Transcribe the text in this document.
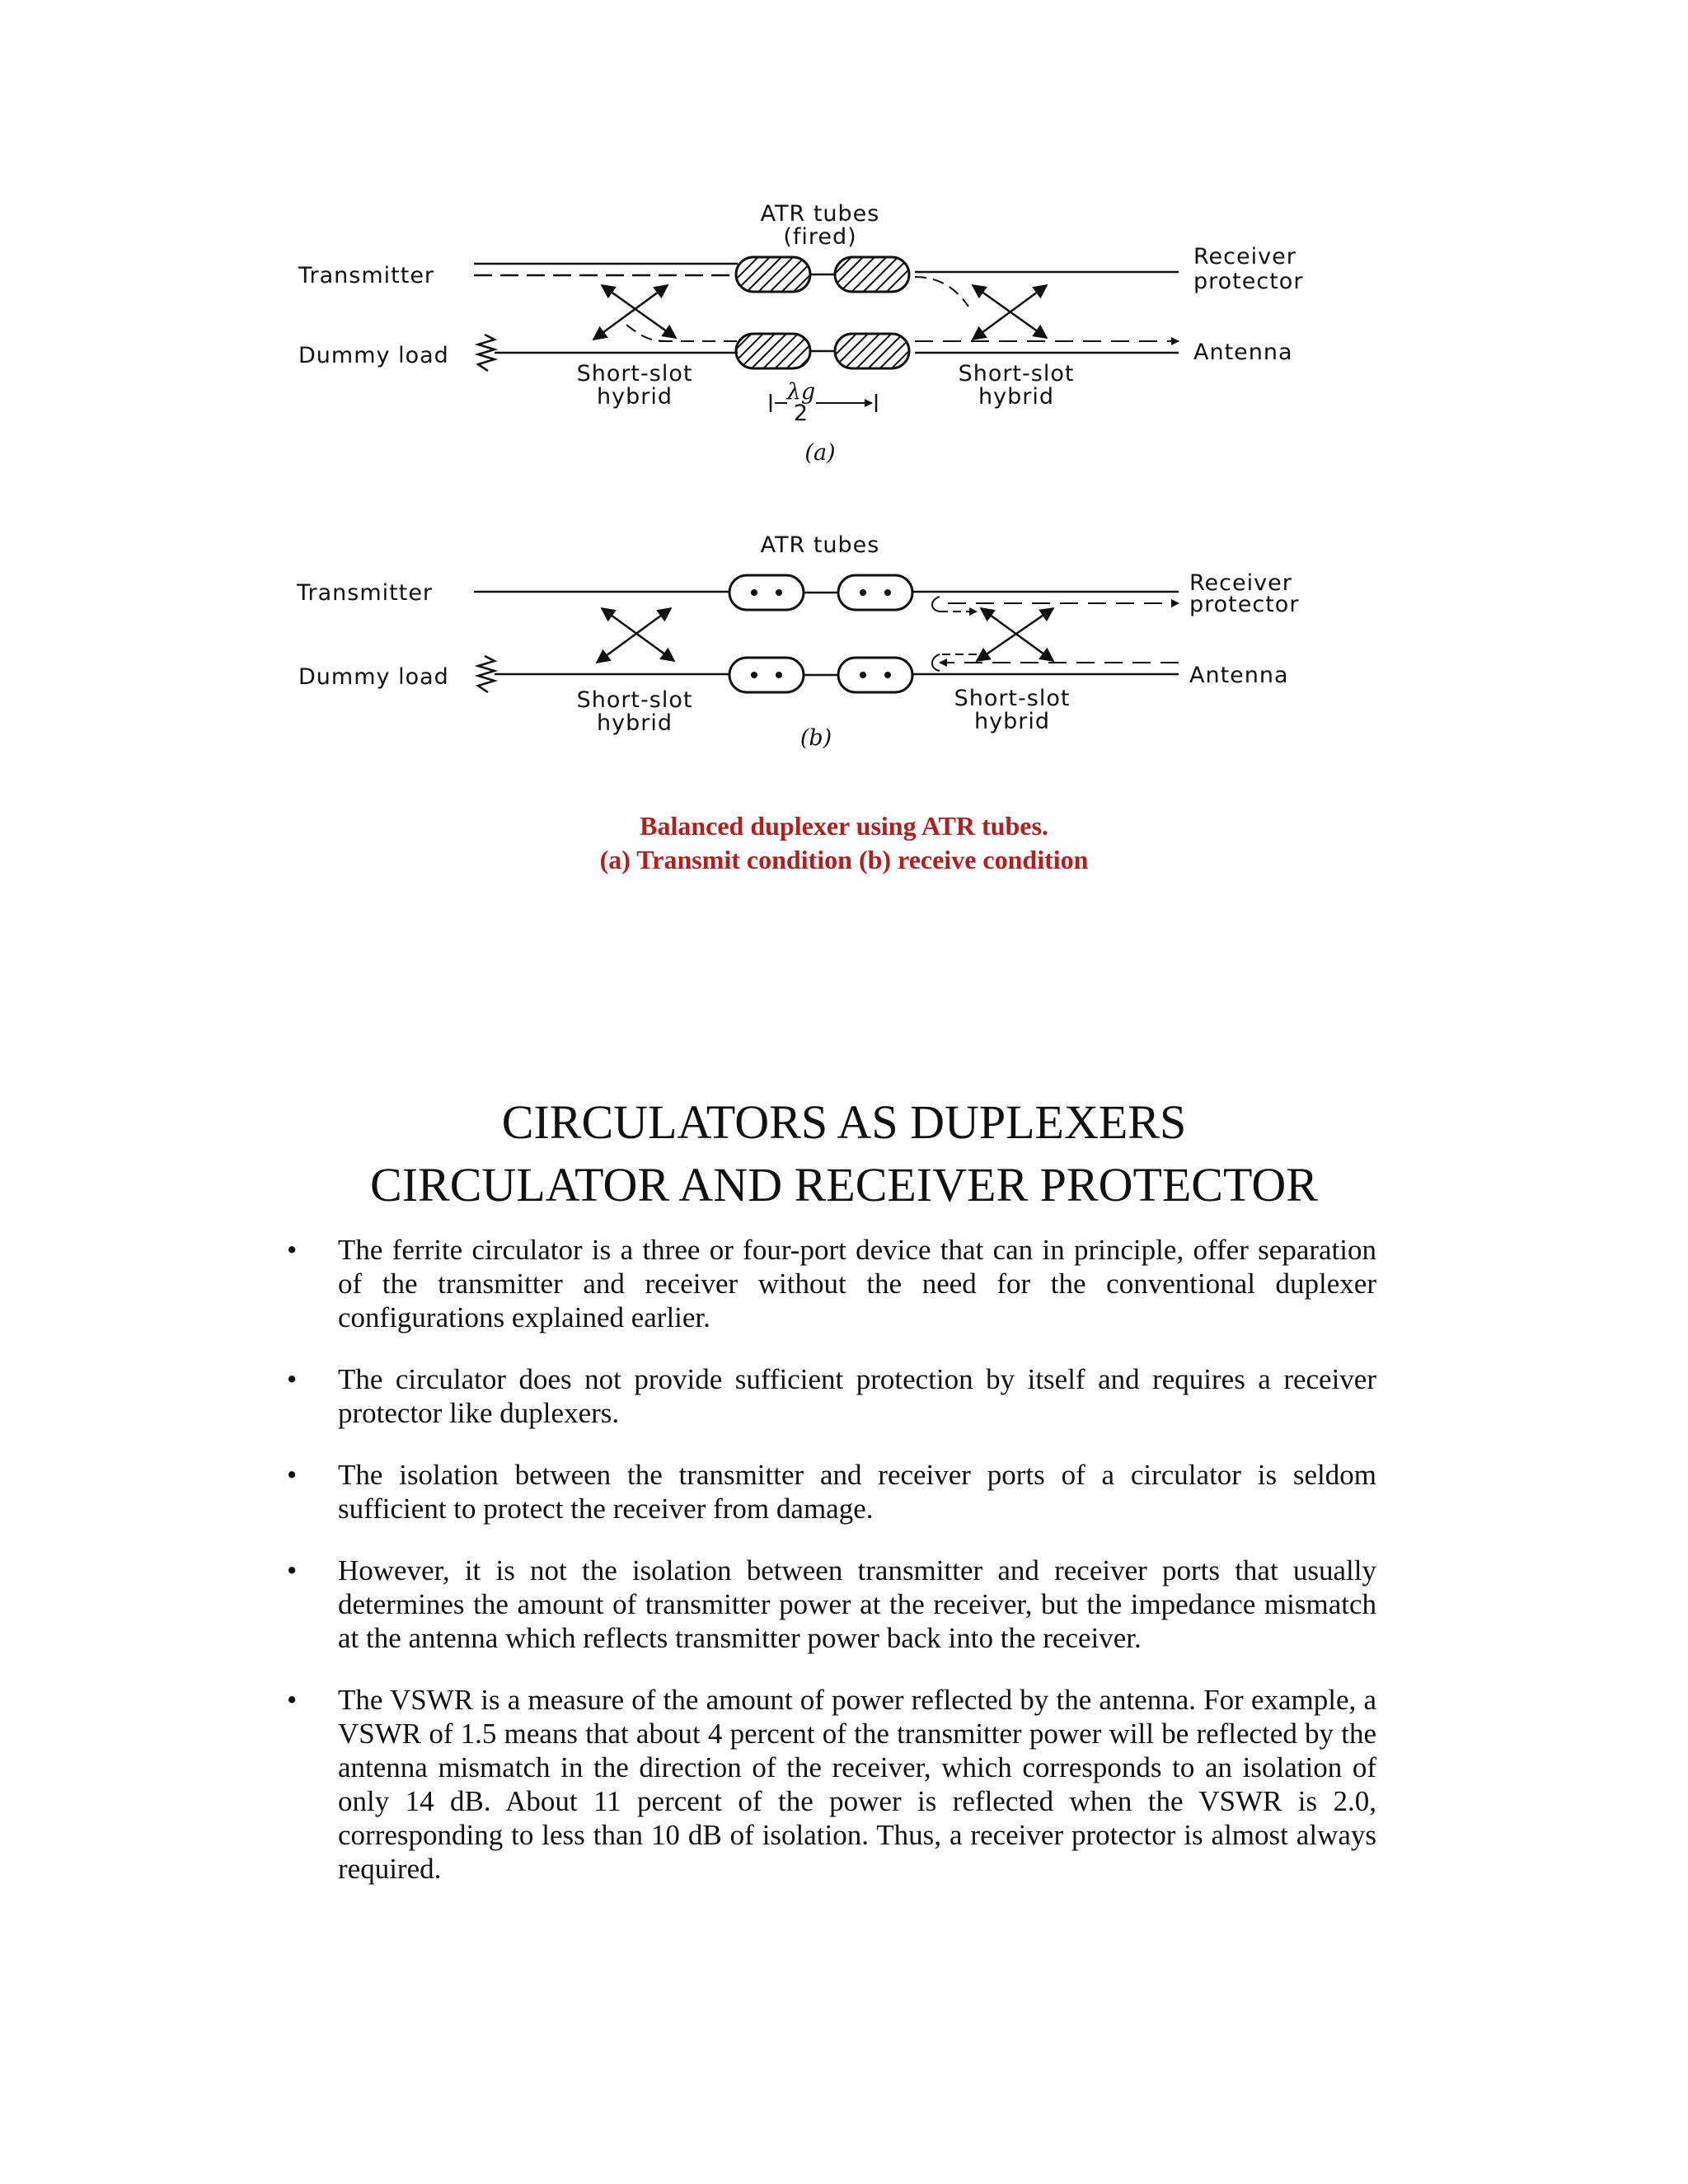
ATR tubes
(fired)
Transmitter
Dummy load
Receiver
protector
Antenna
Short-slot
hybrid
Short-slot
hybrid
λg
2
(a)
ATR tubes
Transmitter
Dummy load
Receiver
protector
Antenna
Short-slot
hybrid
Short-slot
hybrid
(b)
Balanced duplexer using ATR tubes.
(a) Transmit condition (b) receive condition
CIRCULATORS AS DUPLEXERS
CIRCULATOR AND RECEIVER PROTECTOR
• The ferrite circulator is a three or four-port device that can in principle, offer separation of the transmitter and receiver without the need for the conventional duplexer configurations explained earlier.
• The circulator does not provide sufficient protection by itself and requires a receiver protector like duplexers.
• The isolation between the transmitter and receiver ports of a circulator is seldom sufficient to protect the receiver from damage.
• However, it is not the isolation between transmitter and receiver ports that usually determines the amount of transmitter power at the receiver, but the impedance mismatch at the antenna which reflects transmitter power back into the receiver.
• The VSWR is a measure of the amount of power reflected by the antenna. For example, a VSWR of 1.5 means that about 4 percent of the transmitter power will be reflected by the antenna mismatch in the direction of the receiver, which corresponds to an isolation of only 14 dB. About 11 percent of the power is reflected when the VSWR is 2.0, corresponding to less than 10 dB of isolation. Thus, a receiver protector is almost always required.
